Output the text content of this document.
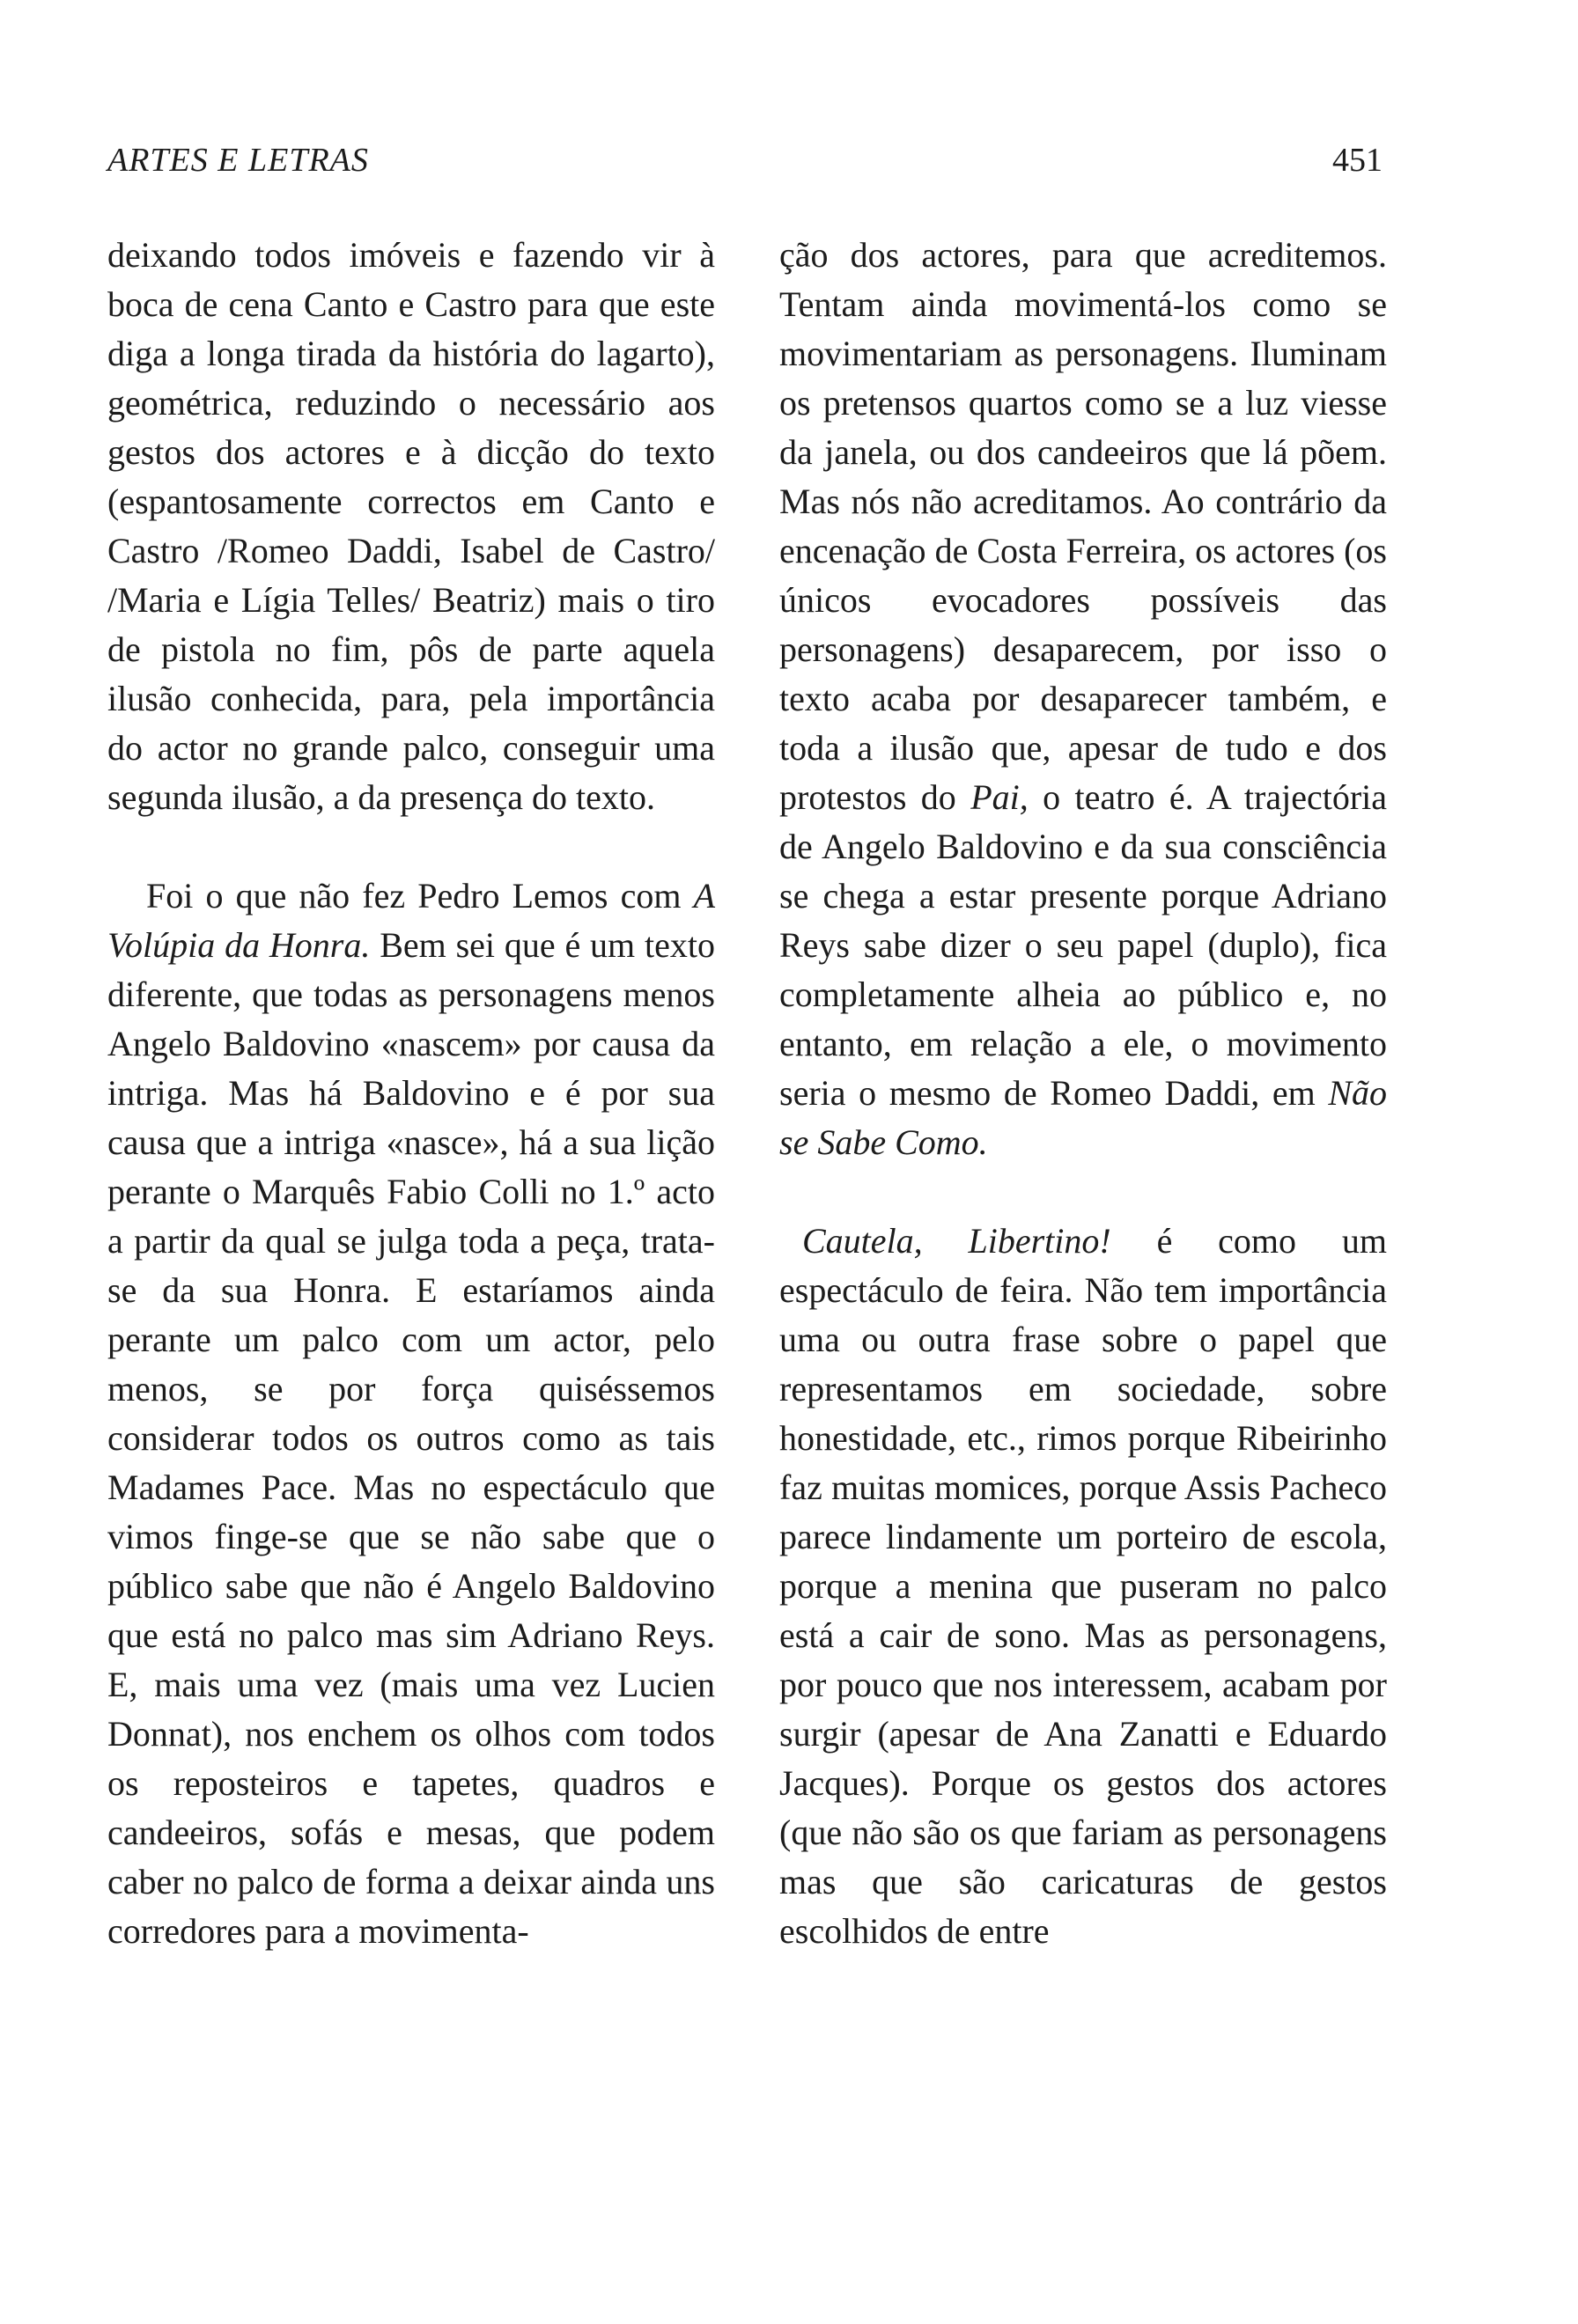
ARTES E LETRAS	451

deixando todos imóveis e fazendo vir à boca de cena Canto e Castro para que este diga a longa tirada da história do lagarto), geométrica, reduzindo o necessário aos gestos dos actores e à dicção do texto (espantosamente correctos em Canto e Castro /Romeo Daddi, Isabel de Castro/ /Maria e Lígia Telles/ Beatriz) mais o tiro de pistola no fim, pôs de parte aquela ilusão conhecida, para, pela importância do actor no grande palco, conseguir uma segunda ilusão, a da presença do texto.

Foi o que não fez Pedro Lemos com A Volúpia da Honra. Bem sei que é um texto diferente, que todas as personagens menos Angelo Baldovino «nascem» por causa da intriga. Mas há Baldovino e é por sua causa que a intriga «nasce», há a sua lição perante o Marquês Fabio Colli no 1.º acto a partir da qual se julga toda a peça, trata-se da sua Honra. E estaríamos ainda perante um palco com um actor, pelo menos, se por força quiséssemos considerar todos os outros como as tais Madames Pace. Mas no espectáculo que vimos finge-se que se não sabe que o público sabe que não é Angelo Baldovino que está no palco mas sim Adriano Reys. E, mais uma vez (mais uma vez Lucien Donnat), nos enchem os olhos com todos os reposteiros e tapetes, quadros e candeeiros, sofás e mesas, que podem caber no palco de forma a deixar ainda uns corredores para a movimenta-

ção dos actores, para que acreditemos. Tentam ainda movimentá-los como se movimentariam as personagens. Iluminam os pretensos quartos como se a luz viesse da janela, ou dos candeeiros que lá põem. Mas nós não acreditamos. Ao contrário da encenação de Costa Ferreira, os actores (os únicos evocadores possíveis das personagens) desaparecem, por isso o texto acaba por desaparecer também, e toda a ilusão que, apesar de tudo e dos protestos do Pai, o teatro é. A trajectória de Angelo Baldovino e da sua consciência se chega a estar presente porque Adriano Reys sabe dizer o seu papel (duplo), fica completamente alheia ao público e, no entanto, em relação a ele, o movimento seria o mesmo de Romeo Daddi, em Não se Sabe Como.

Cautela, Libertino! é como um espectáculo de feira. Não tem importância uma ou outra frase sobre o papel que representamos em sociedade, sobre honestidade, etc., rimos porque Ribeirinho faz muitas momices, porque Assis Pacheco parece lindamente um porteiro de escola, porque a menina que puseram no palco está a cair de sono. Mas as personagens, por pouco que nos interessem, acabam por surgir (apesar de Ana Zanatti e Eduardo Jacques). Porque os gestos dos actores (que não são os que fariam as personagens mas que são caricaturas de gestos escolhidos de entre
